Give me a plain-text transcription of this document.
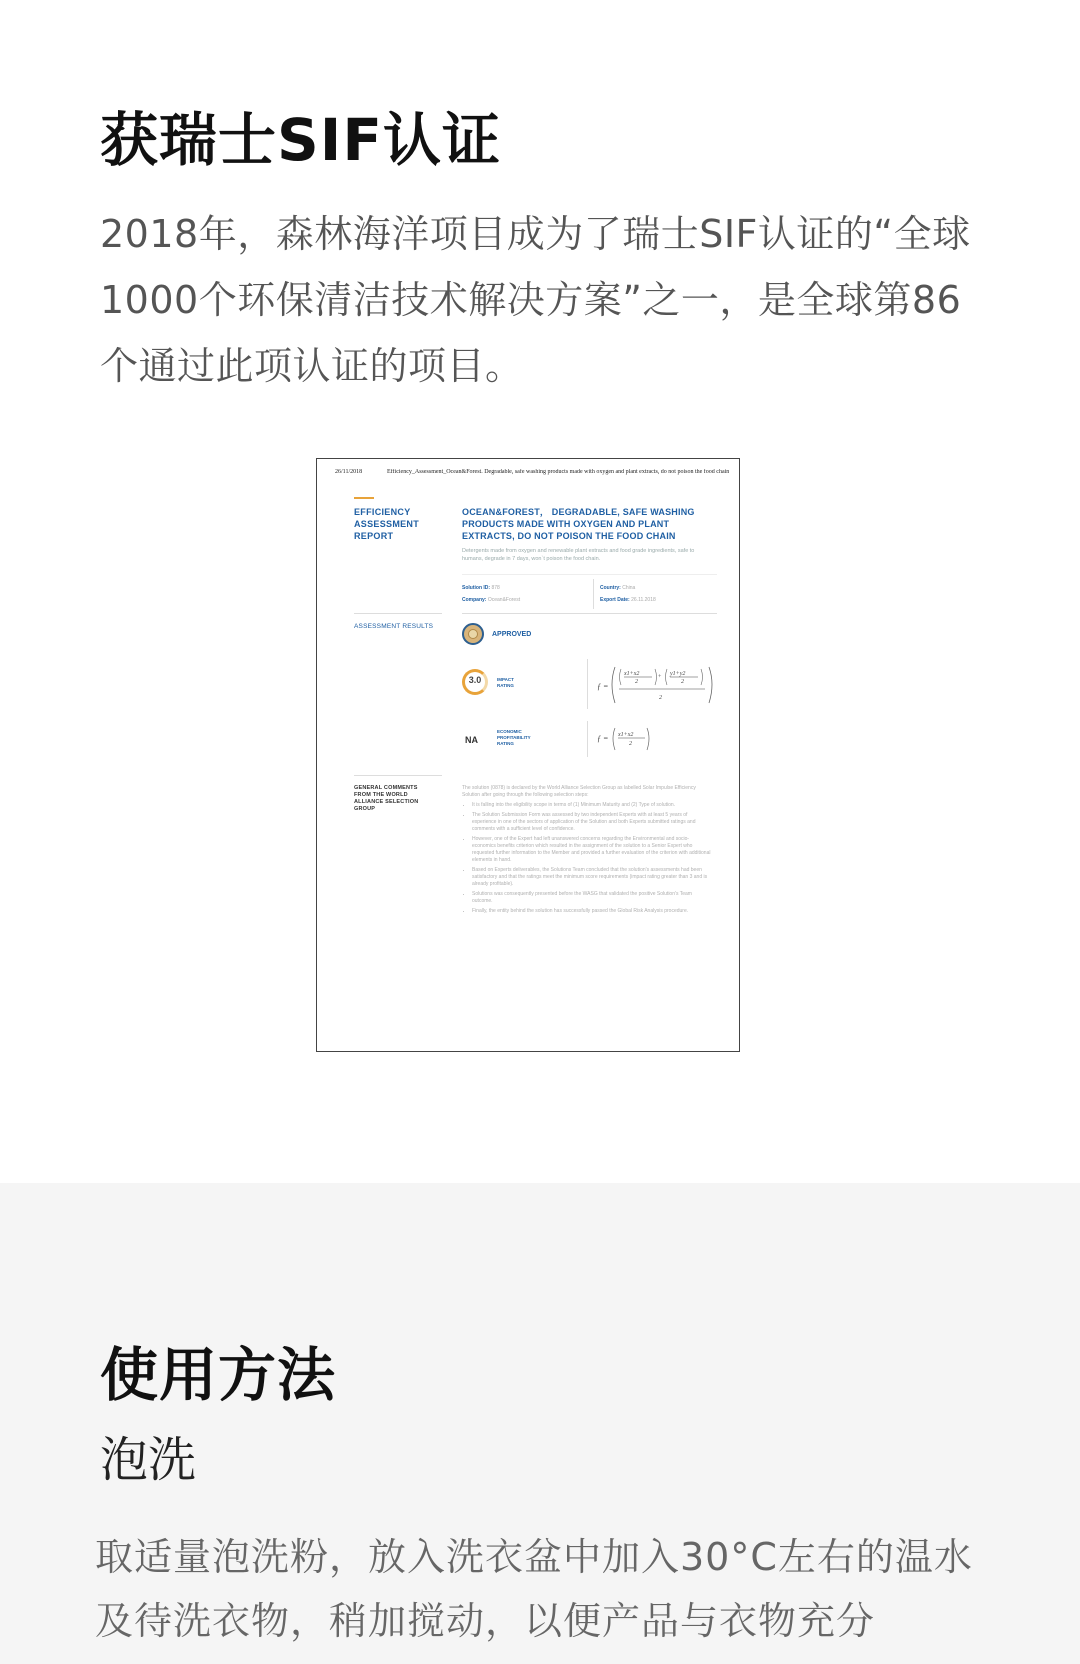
获瑞士SIF认证
2018年，森林海洋项目成为了瑞士SIF认证的“全球1000个环保清洁技术解决方案”之一，是全球第86个通过此项认证的项目。
26/11/2018	Efficiency_Assessment_Ocean&Forest. Degradable, safe washing products made with oxygen and plant extracts, do not poison the food chain
EFFICIENCY ASSESSMENT REPORT
OCEAN&FOREST， DEGRADABLE, SAFE WASHING PRODUCTS MADE WITH OXYGEN AND PLANT EXTRACTS, DO NOT POISON THE FOOD CHAIN
Detergents made from oxygen and renewable plant extracts and food grade ingredients, safe to humans, degrade in 7 days, won`t poison the food chain.
Solution ID: 878
Company: Ocean&Forest
Country: China
Export Date: 26.11.2018
ASSESSMENT RESULTS
APPROVED
3.0	IMPACT
RATING	ƒ =
x1+x2
2
+ y1+y2
2
2
NA
ECONOMIC
PROFITABILITY
RATING
ƒ = x1+x2
2
GENERAL COMMENTS FROM THE WORLD ALLIANCE SELECTION GROUP

The solution (0878) is declared by the World Alliance Selection Group as labelled Solar Impulse Efficiency Solution after going through the following selection steps:

• It is falling into the eligibility scope in terms of (1) Minimum Maturity and (2) Type of solution.
• The Solution Submission Form was assessed by two independent Experts with at least 5 years of experience in one of the sectors of application of the Solution and both Experts submitted ratings and comments with a sufficient level of confidence.
• However, one of the Expert had left unanswered concerns regarding the Environmental and socio-economics benefits criterion which resulted in the assignment of the solution to a Senior Expert who requested further information to the Member and provided a further evaluation of the criterion with additional elements in hand.
• Based on Experts deliverables, the Solutions Team concluded that the solution's assessments had been satisfactory and that the ratings meet the minimum score requirements (impact rating greater than 3 and is already profitable).
• Solutions was consequently presented before the WASG that validated the positive Solution's Team outcome.
• Finally, the entity behind the solution has successfully passed the Global Risk Analysis procedure.
使用方法
泡洗
取适量泡洗粉，放入洗衣盆中加入30°C左右的温水及待洗衣物，稍加搅动，以便产品与衣物充分
